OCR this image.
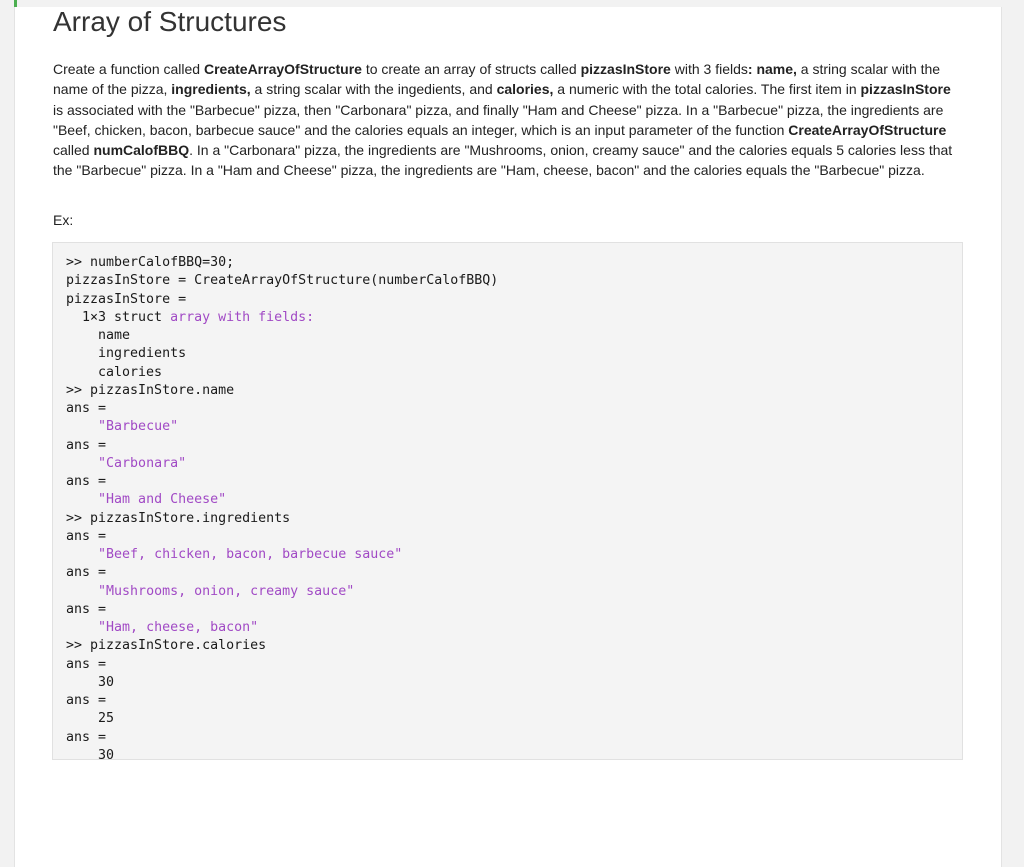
Array of Structures

Create a function called CreateArrayOfStructure to create an array of structs called pizzasInStore with 3 fields: name, a string scalar with the name of the pizza, ingredients, a string scalar with the ingedients, and calories, a numeric with the total calories. The first item in pizzasInStore is associated with the "Barbecue" pizza, then "Carbonara" pizza, and finally "Ham and Cheese" pizza. In a "Barbecue" pizza, the ingredients are "Beef, chicken, bacon, barbecue sauce" and the calories equals an integer, which is an input parameter of the function CreateArrayOfStructure called numCalofBBQ. In a "Carbonara" pizza, the ingredients are "Mushrooms, onion, creamy sauce" and the calories equals 5 calories less that the "Barbecue" pizza. In a "Ham and Cheese" pizza, the ingredients are "Ham, cheese, bacon" and the calories equals the "Barbecue" pizza.

Ex:

>> numberCalofBBQ=30;
pizzasInStore = CreateArrayOfStructure(numberCalofBBQ)
pizzasInStore =
1×3 struct array with fields:
name
ingredients
calories
>> pizzasInStore.name
ans =
"Barbecue"
ans =
"Carbonara"
ans =
"Ham and Cheese"
>> pizzasInStore.ingredients
ans =
"Beef, chicken, bacon, barbecue sauce"
ans =
"Mushrooms, onion, creamy sauce"
ans =
"Ham, cheese, bacon"
>> pizzasInStore.calories
ans =
30
ans =
25
ans =
30
